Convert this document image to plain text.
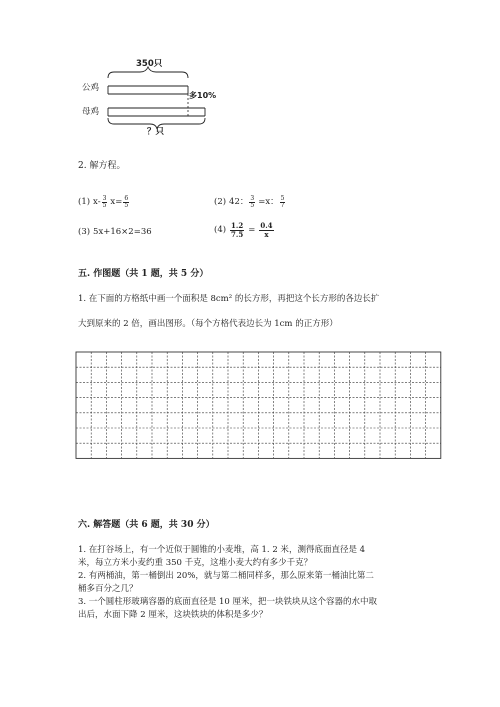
350只
公鸡
母鸡
多10%
？只
2. 解方程。
(1) $x- \frac{3}{5} x= \frac{6}{5}$	(2) 42： $\frac{3}{5} =x$： $\frac{5}{7}$
(3) 5x+16×2=36	$(4) \frac{1.2}{7.5} = \frac{0.4}{x}$
五. 作图题（共 1 题，共 5 分）
1. 在下面的方格纸中画一个面积是 8cm² 的长方形，再把这个长方形的各边长扩
大到原来的 2 倍，画出图形。（每个方格代表边长为 1cm 的正方形）
六. 解答题（共 6 题，共 30 分）
1. 在打谷场上，有一个近似于圆锥的小麦堆，高 1. 2 米，测得底面直径是 4
米，每立方米小麦约重 350 千克，这堆小麦大约有多少千克？
2. 有两桶油，第一桶倒出 20%，就与第二桶同样多，那么原来第一桶油比第二
桶多百分之几？
3. 一个圆柱形玻璃容器的底面直径是 10 厘米，把一块铁块从这个容器的水中取
出后，水面下降 2 厘米，这块铁块的体积是多少？
